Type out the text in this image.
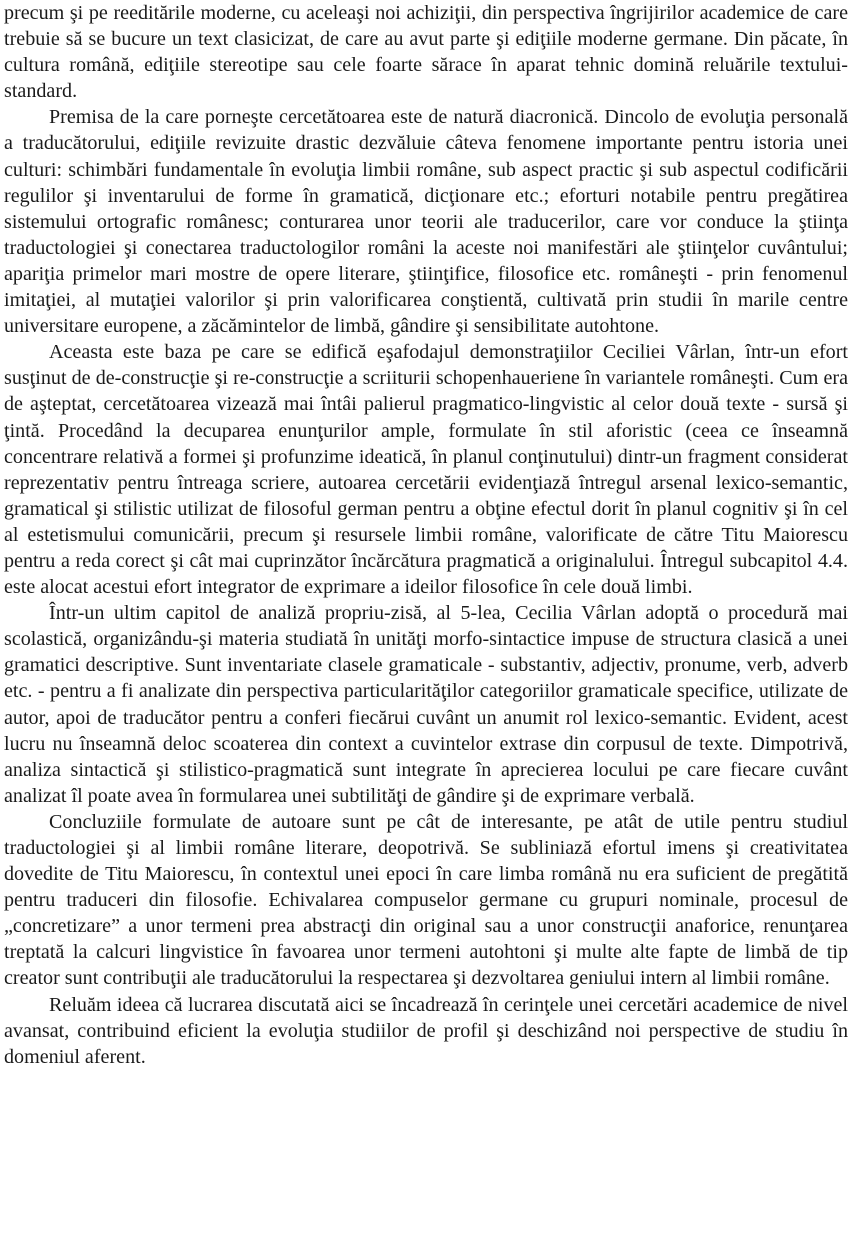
precum şi pe reeditările moderne, cu aceleaşi noi achiziţii, din perspectiva îngrijirilor academice de care trebuie să se bucure un text clasicizat, de care au avut parte şi ediţiile moderne germane. Din păcate, în cultura română, ediţiile stereotipe sau cele foarte sărace în aparat tehnic domină reluările textului-standard.

Premisa de la care porneşte cercetătoarea este de natură diacronică. Dincolo de evoluţia personală a traducătorului, ediţiile revizuite drastic dezvăluie câteva fenomene importante pentru istoria unei culturi: schimbări fundamentale în evoluţia limbii române, sub aspect practic şi sub aspectul codificării regulilor şi inventarului de forme în gramatică, dicţionare etc.; eforturi notabile pentru pregătirea sistemului ortografic românesc; conturarea unor teorii ale traducerilor, care vor conduce la ştiinţa traductologiei şi conectarea traductologilor români la aceste noi manifestări ale ştiinţelor cuvântului; apariţia primelor mari mostre de opere literare, ştiinţifice, filosofice etc. româneşti - prin fenomenul imitaţiei, al mutaţiei valorilor şi prin valorificarea conştientă, cultivată prin studii în marile centre universitare europene, a zăcămintelor de limbă, gândire şi sensibilitate autohtone.

Aceasta este baza pe care se edifică eşafodajul demonstraţiilor Ceciliei Vârlan, într-un efort susţinut de de-construcţie şi re-construcţie a scriiturii schopenhaueriene în variantele româneşti. Cum era de aşteptat, cercetătoarea vizează mai întâi palierul pragmatico-lingvistic al celor două texte - sursă şi ţintă. Procedând la decuparea enunţurilor ample, formulate în stil aforistic (ceea ce înseamnă concentrare relativă a formei şi profunzime ideatică, în planul conţinutului) dintr-un fragment considerat reprezentativ pentru întreaga scriere, autoarea cercetării evidenţiază întregul arsenal lexico-semantic, gramatical şi stilistic utilizat de filosoful german pentru a obţine efectul dorit în planul cognitiv şi în cel al estetismului comunicării, precum şi resursele limbii române, valorificate de către Titu Maiorescu pentru a reda corect şi cât mai cuprinzător încărcătura pragmatică a originalului. Întregul subcapitol 4.4. este alocat acestui efort integrator de exprimare a ideilor filosofice în cele două limbi.

Într-un ultim capitol de analiză propriu-zisă, al 5-lea, Cecilia Vârlan adoptă o procedură mai scolastică, organizându-şi materia studiată în unităţi morfo-sintactice impuse de structura clasică a unei gramatici descriptive. Sunt inventariate clasele gramaticale - substantiv, adjectiv, pronume, verb, adverb etc. - pentru a fi analizate din perspectiva particularităţilor categoriilor gramaticale specifice, utilizate de autor, apoi de traducător pentru a conferi fiecărui cuvânt un anumit rol lexico-semantic. Evident, acest lucru nu înseamnă deloc scoaterea din context a cuvintelor extrase din corpusul de texte. Dimpotrivă, analiza sintactică şi stilistico-pragmatică sunt integrate în aprecierea locului pe care fiecare cuvânt analizat îl poate avea în formularea unei subtilităţi de gândire şi de exprimare verbală.

Concluziile formulate de autoare sunt pe cât de interesante, pe atât de utile pentru studiul traductologiei şi al limbii române literare, deopotrivă. Se subliniază efortul imens şi creativitatea dovedite de Titu Maiorescu, în contextul unei epoci în care limba română nu era suficient de pregătită pentru traduceri din filosofie. Echivalarea compuselor germane cu grupuri nominale, procesul de „concretizare” a unor termeni prea abstracţi din original sau a unor construcţii anaforice, renunţarea treptată la calcuri lingvistice în favoarea unor termeni autohtoni şi multe alte fapte de limbă de tip creator sunt contribuţii ale traducătorului la respectarea şi dezvoltarea geniului intern al limbii române.

Reluăm ideea că lucrarea discutată aici se încadrează în cerinţele unei cercetări academice de nivel avansat, contribuind eficient la evoluţia studiilor de profil şi deschizând noi perspective de studiu în domeniul aferent.
